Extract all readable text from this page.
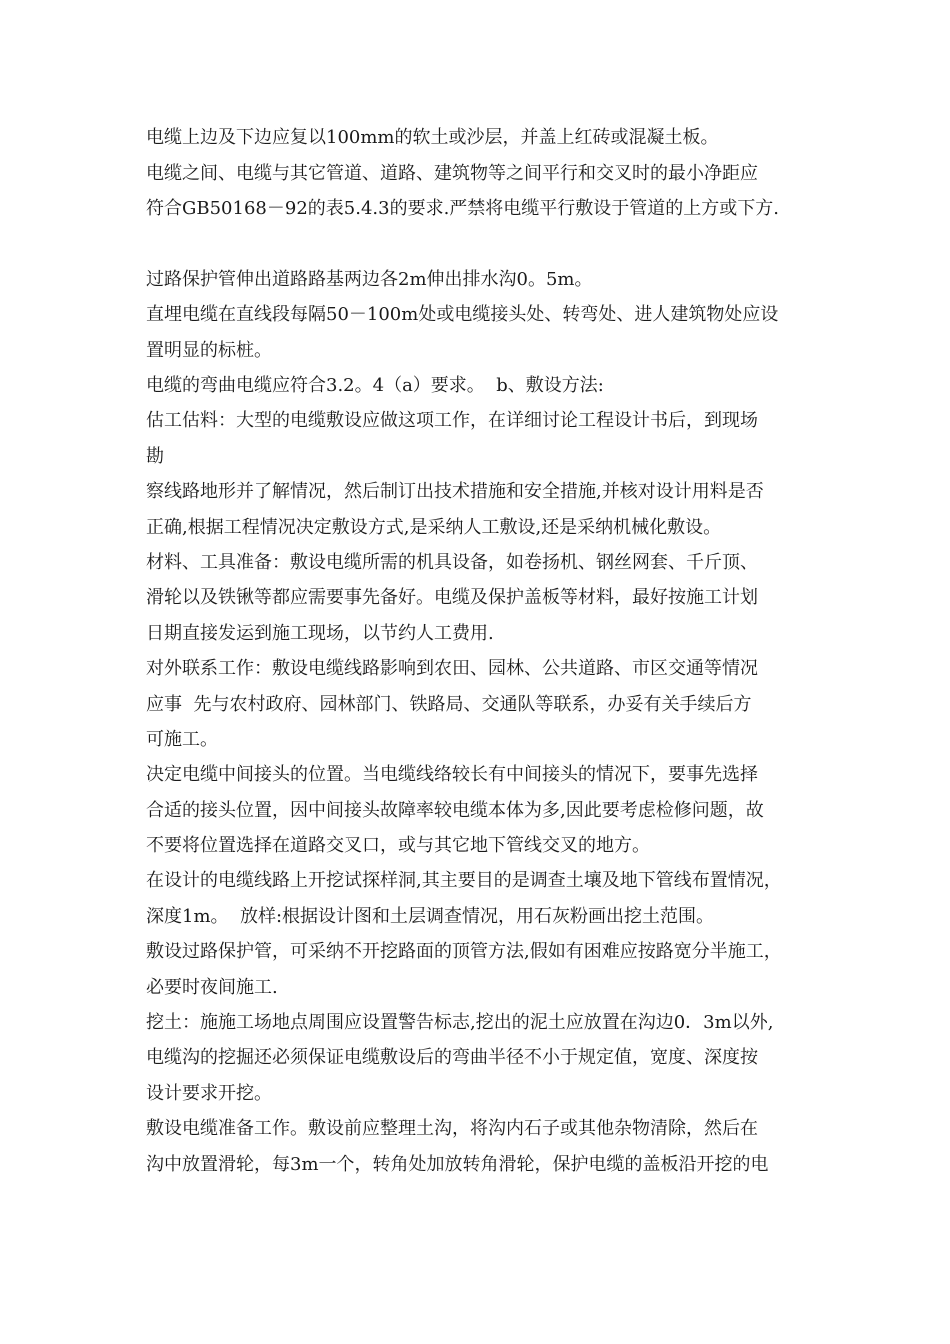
电缆上边及下边应复以100mm的软土或沙层，并盖上红砖或混凝土板。

电缆之间、电缆与其它管道、道路、建筑物等之间平行和交叉时的最小净距应

符合GB50168－92的表5.4.3的要求.严禁将电缆平行敷设于管道的上方或下方.

过路保护管伸出道路路基两边各2m伸出排水沟0。5m。

直埋电缆在直线段每隔50－100m处或电缆接头处、转弯处、进人建筑物处应设

置明显的标桩。

电缆的弯曲电缆应符合3.2。4（a）要求。  b、敷设方法:

估工估料：大型的电缆敷设应做这项工作，在详细讨论工程设计书后，到现场

勘

察线路地形并了解情况，然后制订出技术措施和安全措施,并核对设计用料是否

正确,根据工程情况决定敷设方式,是采纳人工敷设,还是采纳机械化敷设。

材料、工具准备：敷设电缆所需的机具设备，如卷扬机、钢丝网套、千斤顶、

滑轮以及铁锹等都应需要事先备好。电缆及保护盖板等材料，最好按施工计划

日期直接发运到施工现场，以节约人工费用.

对外联系工作：敷设电缆线路影响到农田、园林、公共道路、市区交通等情况

应事  先与农村政府、园林部门、铁路局、交通队等联系，办妥有关手续后方

可施工。

决定电缆中间接头的位置。当电缆线络较长有中间接头的情况下，要事先选择

合适的接头位置，因中间接头故障率较电缆本体为多,因此要考虑检修问题，故

不要将位置选择在道路交叉口，或与其它地下管线交叉的地方。

在设计的电缆线路上开挖试探样洞,其主要目的是调查土壤及地下管线布置情况，

深度1m。  放样:根据设计图和土层调查情况，用石灰粉画出挖土范围。

敷设过路保护管，可采纳不开挖路面的顶管方法,假如有困难应按路宽分半施工，

必要时夜间施工.

挖土：施施工场地点周围应设置警告标志,挖出的泥土应放置在沟边0．3m以外,

电缆沟的挖掘还必须保证电缆敷设后的弯曲半径不小于规定值，宽度、深度按

设计要求开挖。

敷设电缆准备工作。敷设前应整理土沟，将沟内石子或其他杂物清除，然后在

沟中放置滑轮，每3m一个，转角处加放转角滑轮，保护电缆的盖板沿开挖的电
